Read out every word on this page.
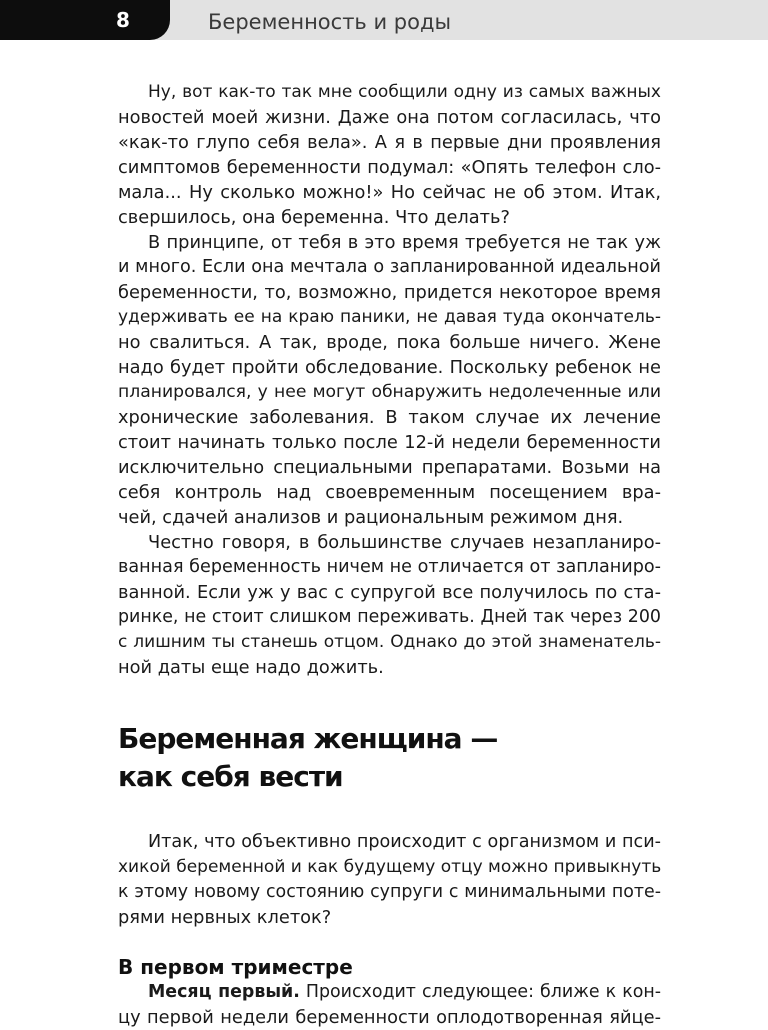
8	Беременность и роды
Ну, вот как-то так мне сообщили одну из самых важных
новостей моей жизни. Даже она потом согласилась, что
«как-то глупо себя вела». А я в первые дни проявления
симптомов беременности подумал: «Опять телефон сло-
мала... Ну сколько можно!» Но сейчас не об этом. Итак,
свершилось, она беременна. Что делать?
В принципе, от тебя в это время требуется не так уж
и много. Если она мечтала о запланированной идеальной
беременности, то, возможно, придется некоторое время
удерживать ее на краю паники, не давая туда окончатель-
но свалиться. А так, вроде, пока больше ничего. Жене
надо будет пройти обследование. Поскольку ребенок не
планировался, у нее могут обнаружить недолеченные или
хронические заболевания. В таком случае их лечение
стоит начинать только после 12-й недели беременности
исключительно специальными препаратами. Возьми на
себя контроль над своевременным посещением вра-
чей, сдачей анализов и рациональным режимом дня.
Честно говоря, в большинстве случаев незапланиро-
ванная беременность ничем не отличается от запланиро-
ванной. Если уж у вас с супругой все получилось по ста-
ринке, не стоит слишком переживать. Дней так через 200
с лишним ты станешь отцом. Однако до этой знаменатель-
ной даты еще надо дожить.
Беременная женщина —
как себя вести
Итак, что объективно происходит с организмом и пси-
хикой беременной и как будущему отцу можно привыкнуть
к этому новому состоянию супруги с минимальными поте-
рями нервных клеток?
В первом триместре
Месяц первый. Происходит следующее: ближе к кон-
цу первой недели беременности оплодотворенная яйце-
